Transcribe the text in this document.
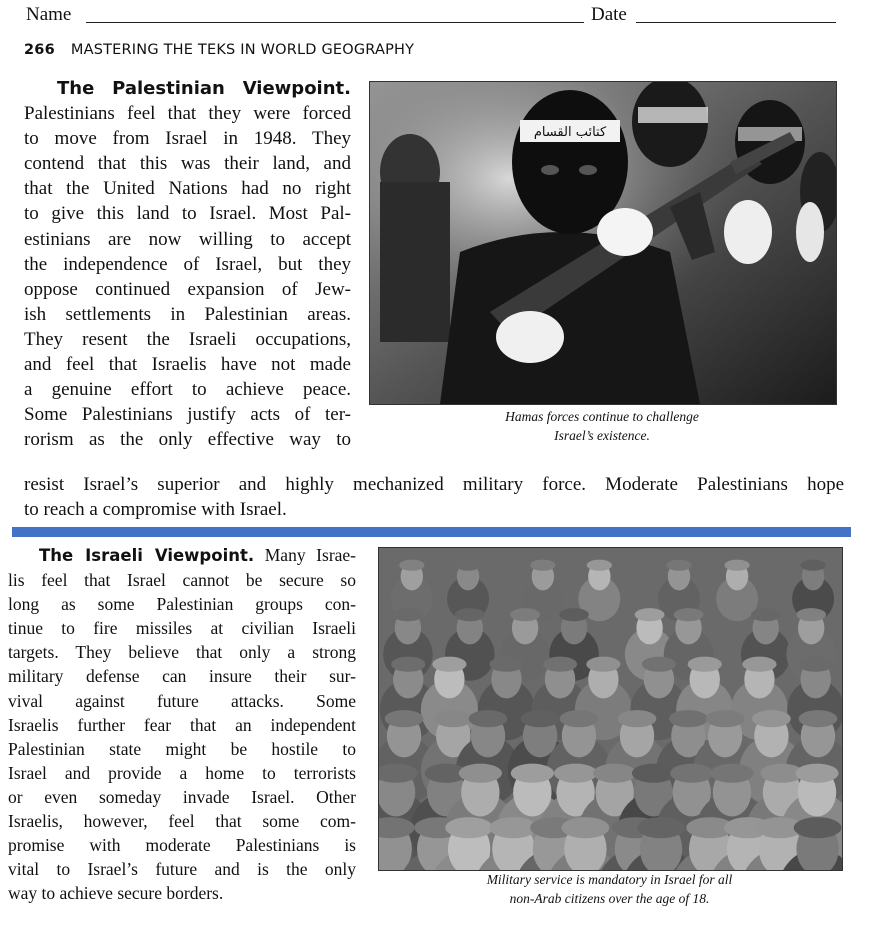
Name	Date
266 MASTERING THE TEKS IN WORLD GEOGRAPHY

The Palestinian Viewpoint.

Palestinians feel that they were forced

to move from Israel in 1948. They

contend that this was their land, and

that the United Nations had no right

to give this land to Israel. Most Pal-

estinians are now willing to accept

the independence of Israel, but they

oppose continued expansion of Jew-

ish settlements in Palestinian areas.

They resent the Israeli occupations,

and feel that Israelis have not made

a genuine effort to achieve peace.

Some Palestinians justify acts of ter-

rorism as the only effective way to

resist Israel’s superior and highly mechanized military force. Moderate Palestinians hope

to reach a compromise with Israel.

كتائب القسام
Hamas forces continue to challenge
Israel’s existence.

The Israeli Viewpoint. Many Israe-

lis feel that Israel cannot be secure so

long as some Palestinian groups con-

tinue to fire missiles at civilian Israeli

targets. They believe that only a strong

military defense can insure their sur-

vival against future attacks. Some

Israelis further fear that an independent

Palestinian state might be hostile to

Israel and provide a home to terrorists

or even someday invade Israel. Other

Israelis, however, feel that some com-

promise with moderate Palestinians is

vital to Israel’s future and is the only

way to achieve secure borders.

Military service is mandatory in Israel for all
non-Arab citizens over the age of 18.
